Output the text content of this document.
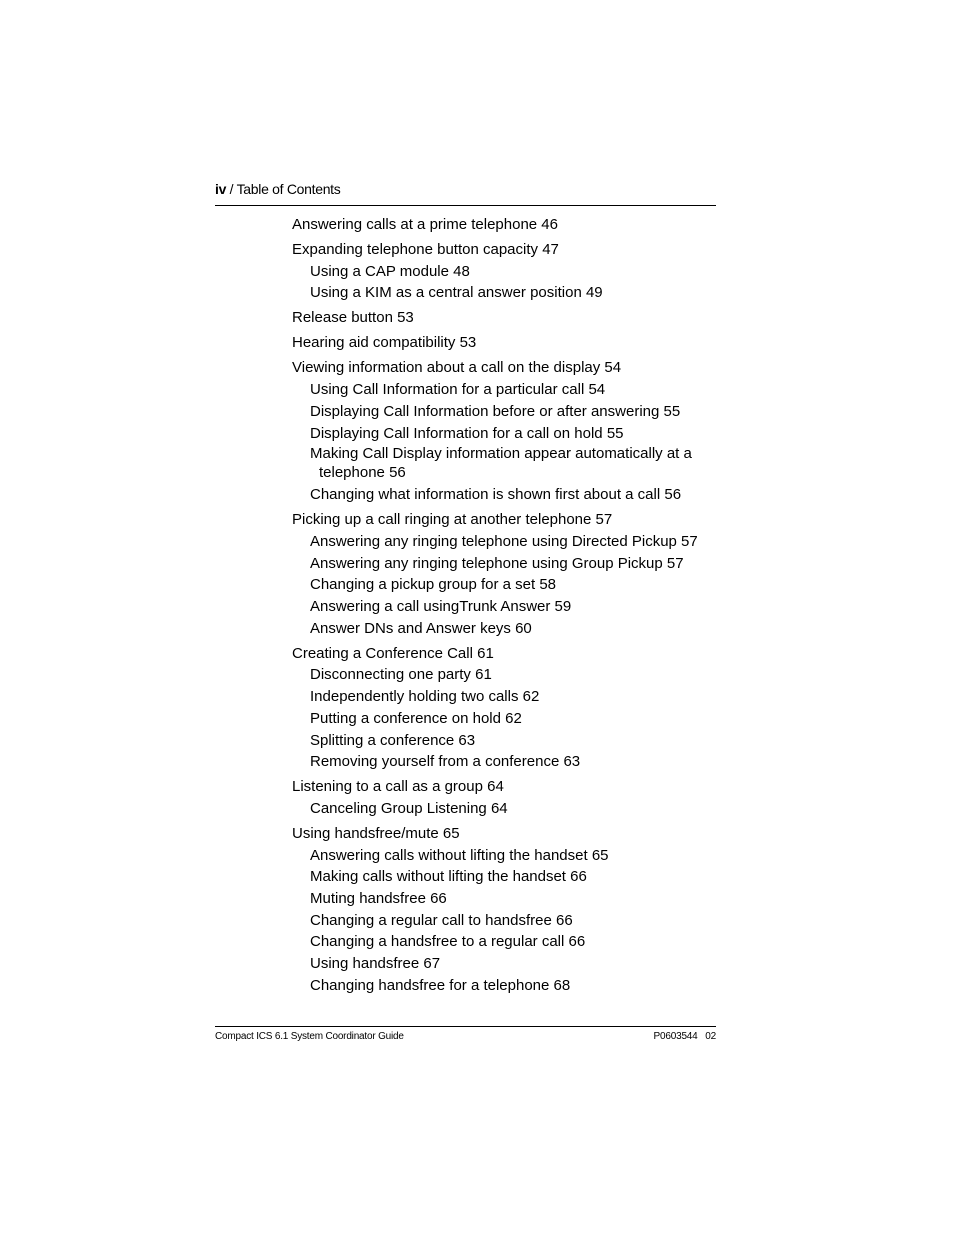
iv / Table of Contents
Answering calls at a prime telephone 46
Expanding telephone button capacity 47
Using a CAP module 48
Using a KIM as a central answer position 49
Release button 53
Hearing aid compatibility 53
Viewing information about a call on the display 54
Using Call Information for a particular call 54
Displaying Call Information before or after answering 55
Displaying Call Information for a call on hold 55
Making Call Display information appear automatically at a telephone 56
Changing what information is shown first about a call 56
Picking up a call ringing at another telephone 57
Answering any ringing telephone using Directed Pickup 57
Answering any ringing telephone using Group Pickup 57
Changing a pickup group for a set 58
Answering a call usingTrunk Answer 59
Answer DNs and Answer keys 60
Creating a Conference Call 61
Disconnecting one party 61
Independently holding two calls 62
Putting a conference on hold 62
Splitting a conference 63
Removing yourself from a conference 63
Listening to a call as a group 64
Canceling Group Listening 64
Using handsfree/mute 65
Answering calls without lifting the handset 65
Making calls without lifting the handset 66
Muting handsfree 66
Changing a regular call to handsfree 66
Changing a handsfree to a regular call 66
Using handsfree 67
Changing handsfree for a telephone 68
Compact ICS 6.1 System Coordinator Guide	P0603544   02
